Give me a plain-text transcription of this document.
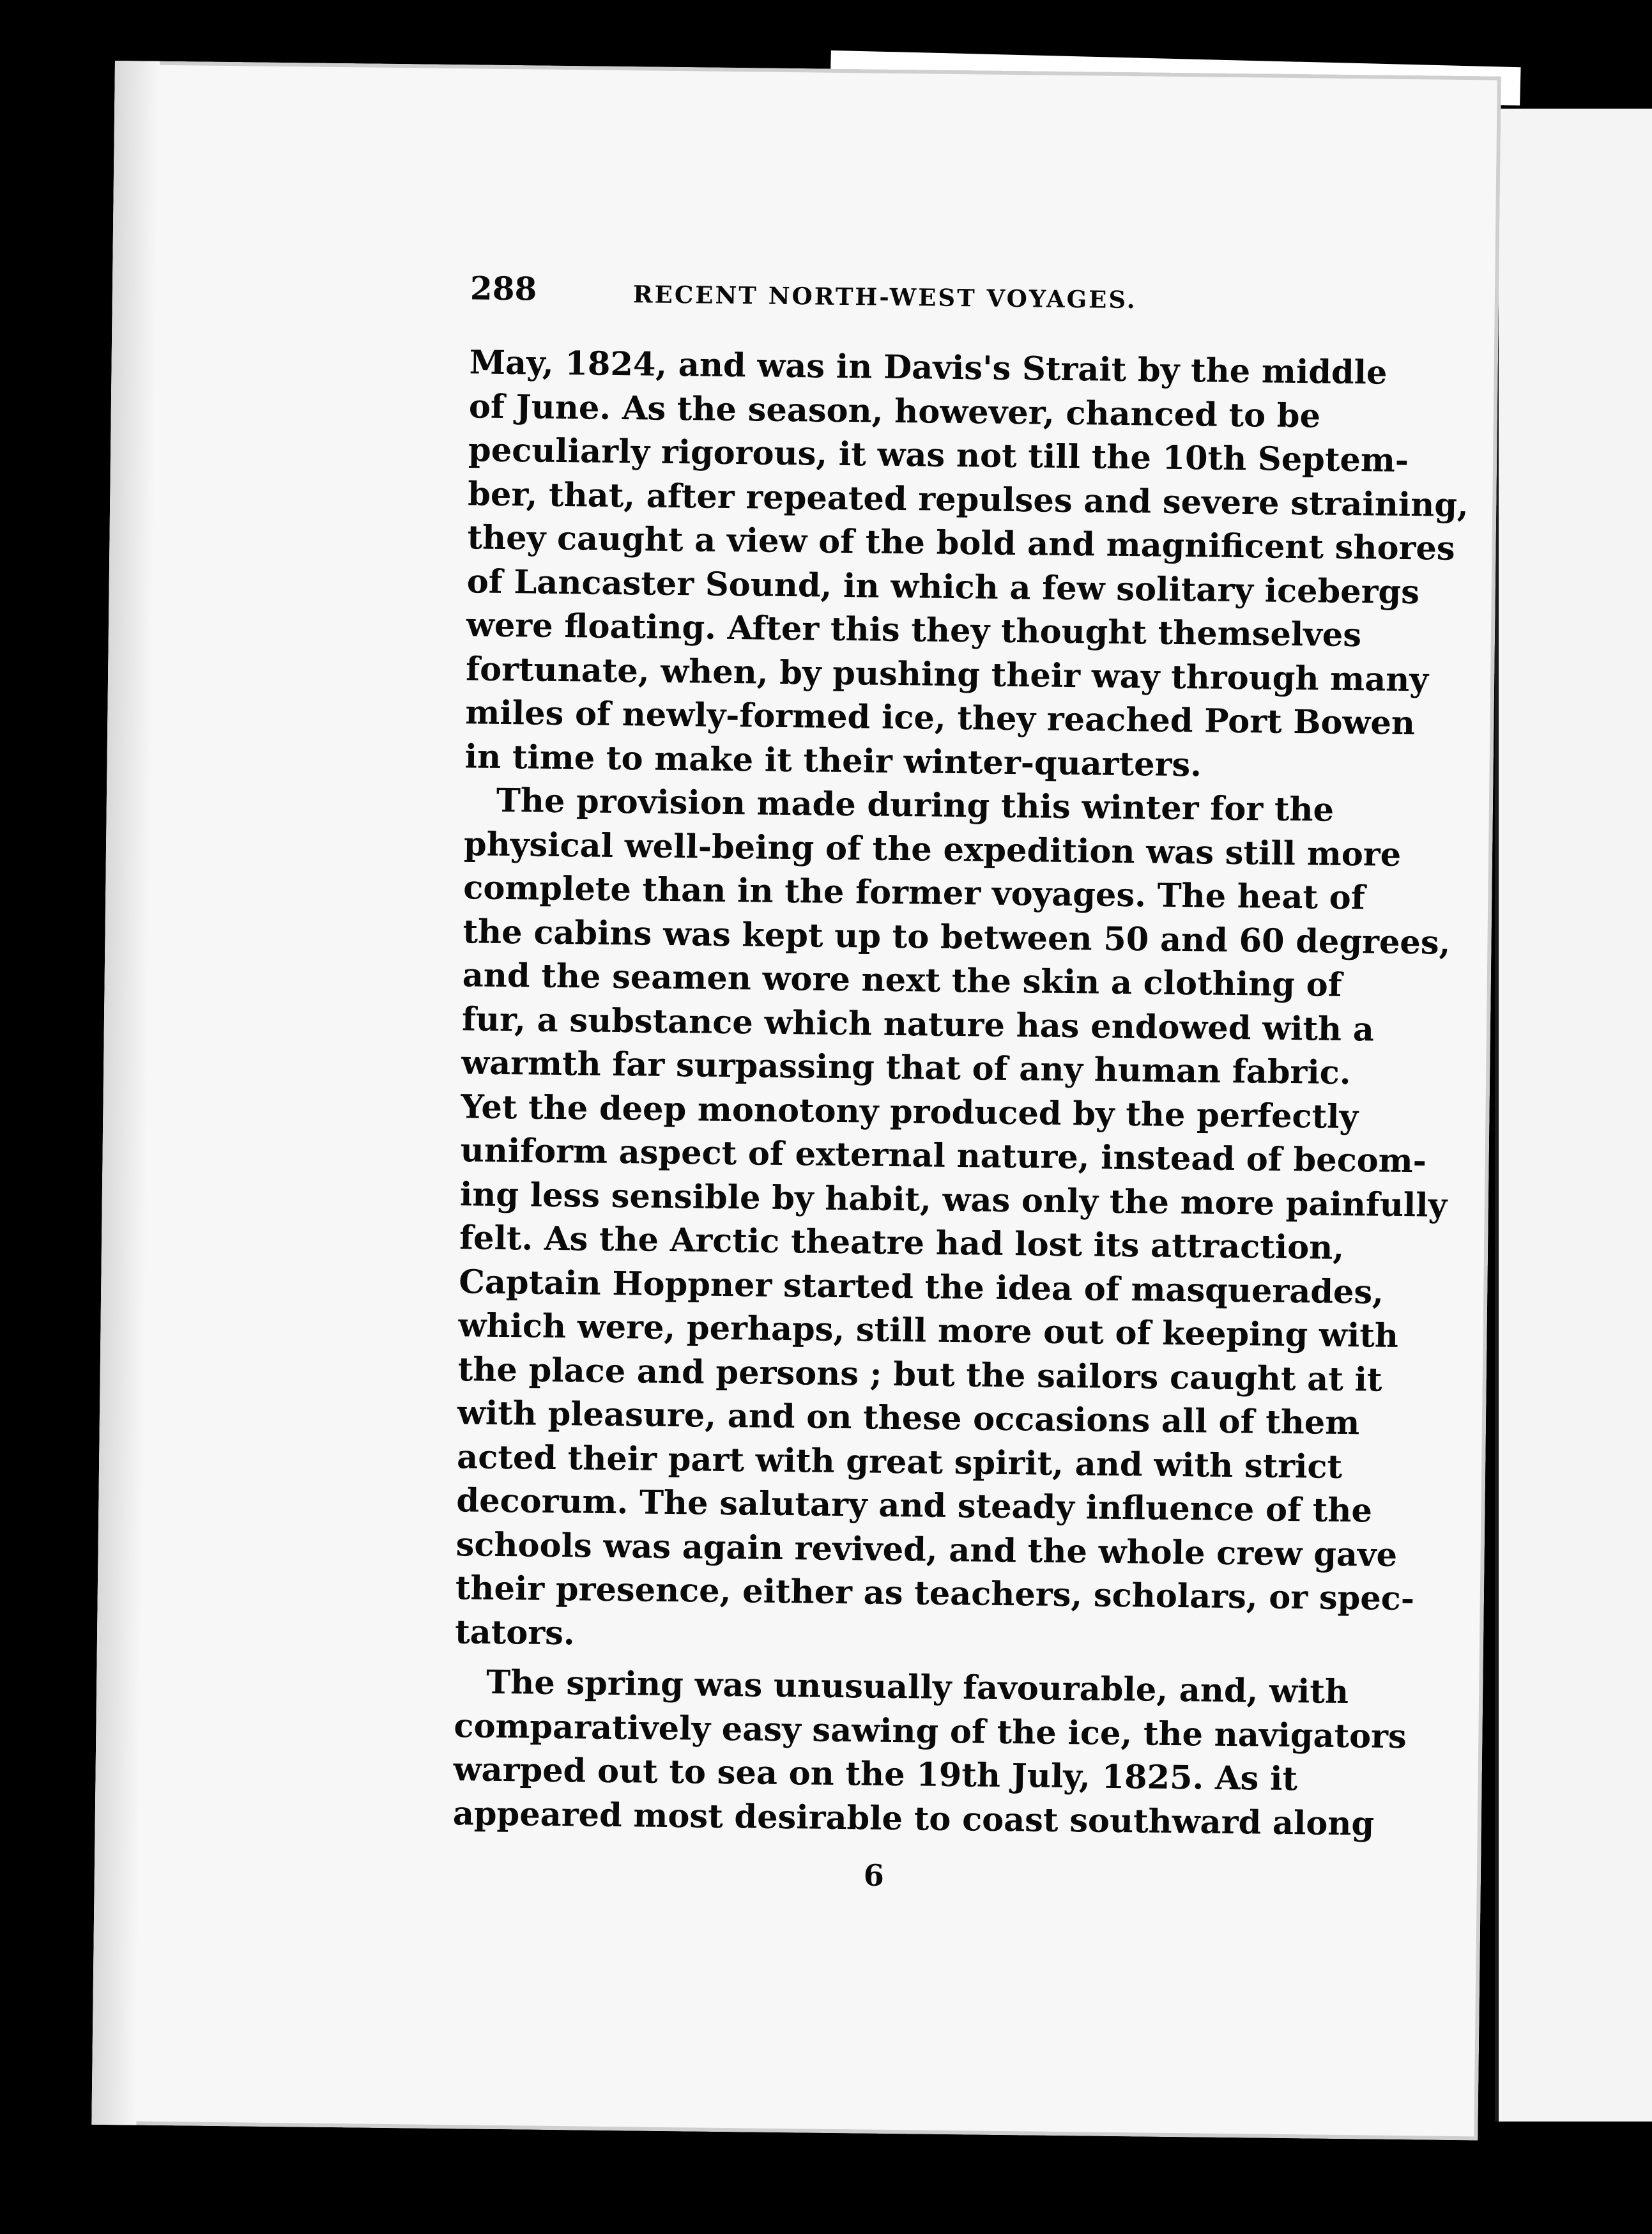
288	RECENT NORTH-WEST VOYAGES.
May, 1824, and was in Davis's Strait by the middle
of June. As the season, however, chanced to be
peculiarly rigorous, it was not till the 10th Septem-
ber, that, after repeated repulses and severe straining,
they caught a view of the bold and magnificent shores
of Lancaster Sound, in which a few solitary icebergs
were floating. After this they thought themselves
fortunate, when, by pushing their way through many
miles of newly-formed ice, they reached Port Bowen
in time to make it their winter-quarters.
The provision made during this winter for the
physical well-being of the expedition was still more
complete than in the former voyages. The heat of
the cabins was kept up to between 50 and 60 degrees,
and the seamen wore next the skin a clothing of
fur, a substance which nature has endowed with a
warmth far surpassing that of any human fabric.
Yet the deep monotony produced by the perfectly
uniform aspect of external nature, instead of becom-
ing less sensible by habit, was only the more painfully
felt. As the Arctic theatre had lost its attraction,
Captain Hoppner started the idea of masquerades,
which were, perhaps, still more out of keeping with
the place and persons ; but the sailors caught at it
with pleasure, and on these occasions all of them
acted their part with great spirit, and with strict
decorum. The salutary and steady influence of the
schools was again revived, and the whole crew gave
their presence, either as teachers, scholars, or spec-
tators.
The spring was unusually favourable, and, with
comparatively easy sawing of the ice, the navigators
warped out to sea on the 19th July, 1825. As it
appeared most desirable to coast southward along
6
